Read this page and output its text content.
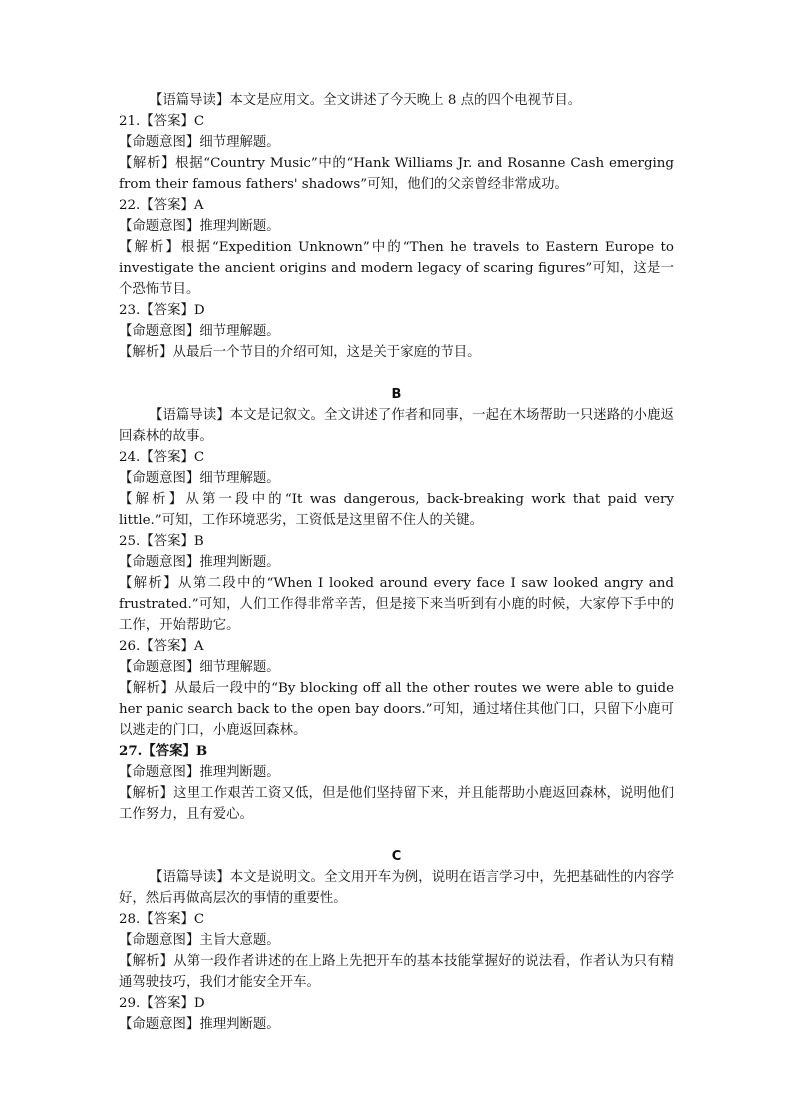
【语篇导读】本文是应用文。全文讲述了今天晚上 8 点的四个电视节目。
21.【答案】C
【命题意图】细节理解题。
【解析】根据“Country Music”中的“Hank Williams Jr. and Rosanne Cash emerging from their famous fathers' shadows”可知，他们的父亲曾经非常成功。
22.【答案】A
【命题意图】推理判断题。
【解析】根据“Expedition Unknown”中的“Then he travels to Eastern Europe to investigate the ancient origins and modern legacy of scaring figures”可知，这是一个恐怖节目。
23.【答案】D
【命题意图】细节理解题。
【解析】从最后一个节目的介绍可知，这是关于家庭的节目。
B
【语篇导读】本文是记叙文。全文讲述了作者和同事，一起在木场帮助一只迷路的小鹿返回森林的故事。
24.【答案】C
【命题意图】细节理解题。
【解析】从第一段中的“It was dangerous, back-breaking work that paid very little.”可知，工作环境恶劣，工资低是这里留不住人的关键。
25.【答案】B
【命题意图】推理判断题。
【解析】从第二段中的“When I looked around every face I saw looked angry and frustrated.”可知，人们工作得非常辛苦，但是接下来当听到有小鹿的时候，大家停下手中的工作，开始帮助它。
26.【答案】A
【命题意图】细节理解题。
【解析】从最后一段中的“By blocking off all the other routes we were able to guide her panic search back to the open bay doors.”可知，通过堵住其他门口，只留下小鹿可以逃走的门口，小鹿返回森林。
27.【答案】B
【命题意图】推理判断题。
【解析】这里工作艰苦工资又低，但是他们坚持留下来，并且能帮助小鹿返回森林，说明他们工作努力，且有爱心。
C
【语篇导读】本文是说明文。全文用开车为例，说明在语言学习中，先把基础性的内容学好，然后再做高层次的事情的重要性。
28.【答案】C
【命题意图】主旨大意题。
【解析】从第一段作者讲述的在上路上先把开车的基本技能掌握好的说法看，作者认为只有精通驾驶技巧，我们才能安全开车。
29.【答案】D
【命题意图】推理判断题。
